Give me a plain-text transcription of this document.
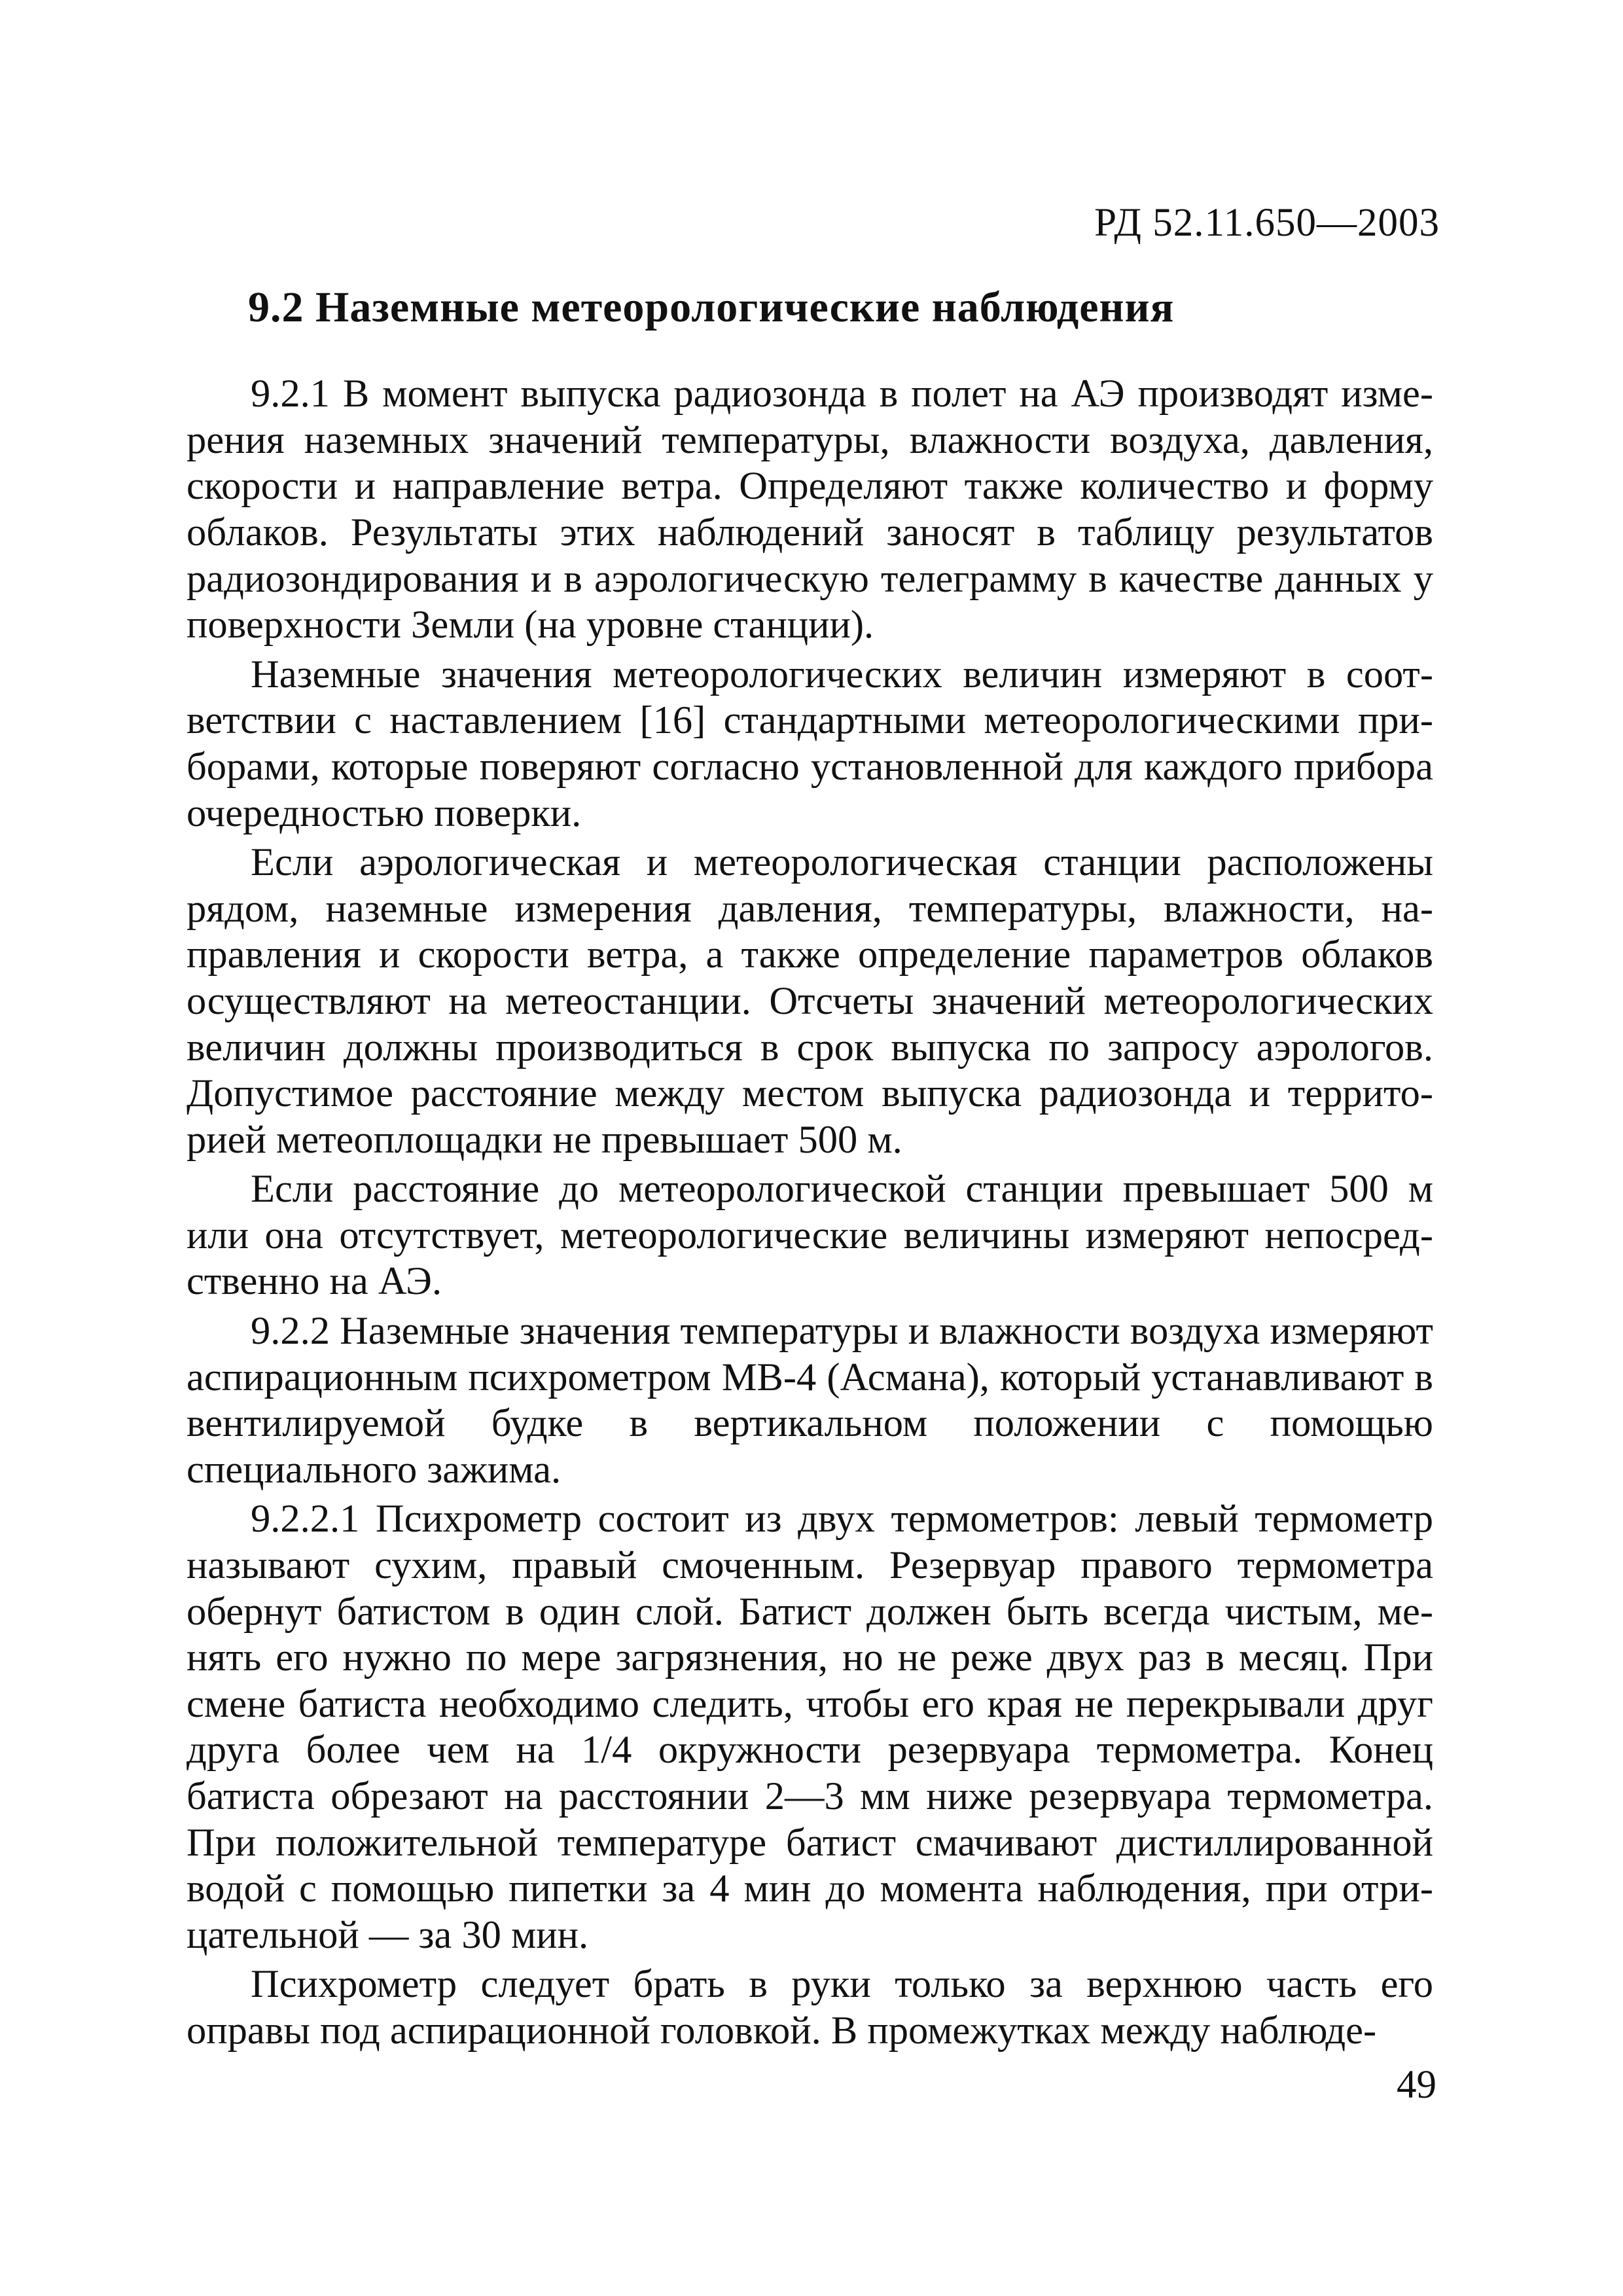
РД 52.11.650—2003
9.2 Наземные метеорологические наблюдения

9.2.1 В момент выпуска радиозонда в полет на АЭ производят измерения наземных значений температуры, влажности воздуха, давления, скорости и направление ветра. Определяют также количество и форму облаков. Результаты этих наблюдений заносят в таблицу результатов радиозондирования и в аэрологическую телеграмму в качестве данных у поверхности Земли (на уровне станции).

Наземные значения метеорологических величин измеряют в соответствии с наставлением [16] стандартными метеорологическими приборами, которые поверяют согласно установленной для каждого прибора очередностью поверки.

Если аэрологическая и метеорологическая станции расположены рядом, наземные измерения давления, температуры, влажности, направления и скорости ветра, а также определение параметров облаков осуществляют на метеостанции. Отсчеты значений метеорологических величин должны производиться в срок выпуска по запросу аэрологов. Допустимое расстояние между местом выпуска радиозонда и территорией метеоплощадки не превышает 500 м.

Если расстояние до метеорологической станции превышает 500 м или она отсутствует, метеорологические величины измеряют непосредственно на АЭ.

9.2.2 Наземные значения температуры и влажности воздуха измеряют аспирационным психрометром МВ-4 (Асмана), который устанавливают в вентилируемой будке в вертикальном положении с помощью специального зажима.

9.2.2.1 Психрометр состоит из двух термометров: левый термометр называют сухим, правый смоченным. Резервуар правого термометра обернут батистом в один слой. Батист должен быть всегда чистым, менять его нужно по мере загрязнения, но не реже двух раз в месяц. При смене батиста необходимо следить, чтобы его края не перекрывали друг друга более чем на 1/4 окружности резервуара термометра. Конец батиста обрезают на расстоянии 2—3 мм ниже резервуара термометра. При положительной температуре батист смачивают дистиллированной водой с помощью пипетки за 4 мин до момента наблюдения, при отрицательной — за 30 мин.

Психрометр следует брать в руки только за верхнюю часть его оправы под аспирационной головкой. В промежутках между наблюде-

49
